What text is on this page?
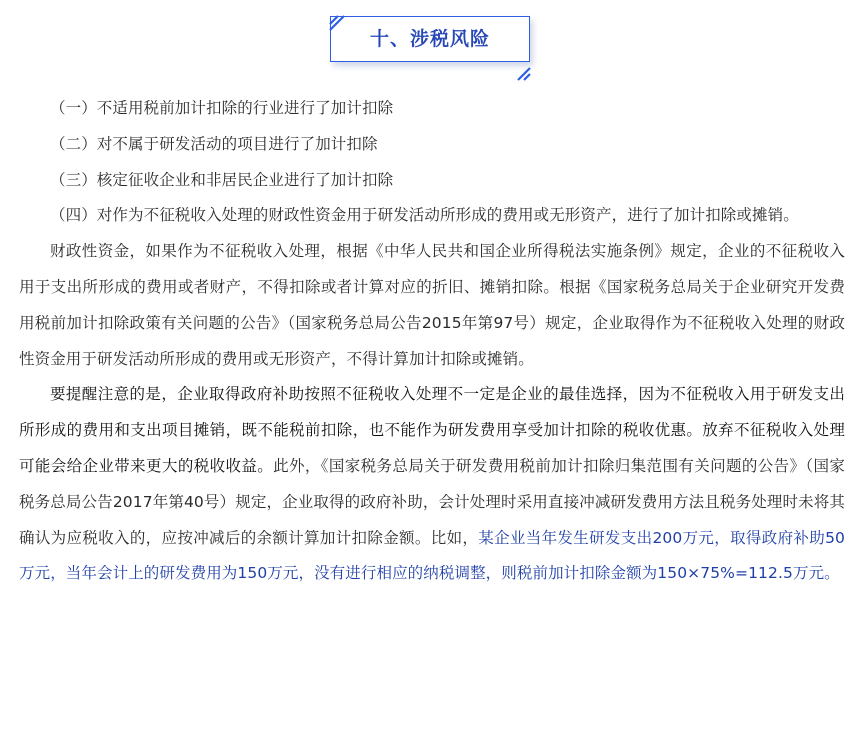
十、涉税风险

（一）不适用税前加计扣除的行业进行了加计扣除

（二）对不属于研发活动的项目进行了加计扣除

（三）核定征收企业和非居民企业进行了加计扣除

（四）对作为不征税收入处理的财政性资金用于研发活动所形成的费用或无形资产，进行了加计扣除或摊销。

财政性资金，如果作为不征税收入处理，根据《中华人民共和国企业所得税法实施条例》规定，企业的不征税收入用于支出所形成的费用或者财产，不得扣除或者计算对应的折旧、摊销扣除。根据《国家税务总局关于企业研究开发费用税前加计扣除政策有关问题的公告》（国家税务总局公告2015年第97号）规定，企业取得作为不征税收入处理的财政性资金用于研发活动所形成的费用或无形资产，不得计算加计扣除或摊销。

要提醒注意的是，企业取得政府补助按照不征税收入处理不一定是企业的最佳选择，因为不征税收入用于研发支出所形成的费用和支出项目摊销，既不能税前扣除，也不能作为研发费用享受加计扣除的税收优惠。放弃不征税收入处理可能会给企业带来更大的税收收益。此外，《国家税务总局关于研发费用税前加计扣除归集范围有关问题的公告》（国家税务总局公告2017年第40号）规定，企业取得的政府补助，会计处理时采用直接冲减研发费用方法且税务处理时未将其确认为应税收入的，应按冲减后的余额计算加计扣除金额。比如，某企业当年发生研发支出200万元，取得政府补助50万元，当年会计上的研发费用为150万元，没有进行相应的纳税调整，则税前加计扣除金额为150×75%=112.5万元。
